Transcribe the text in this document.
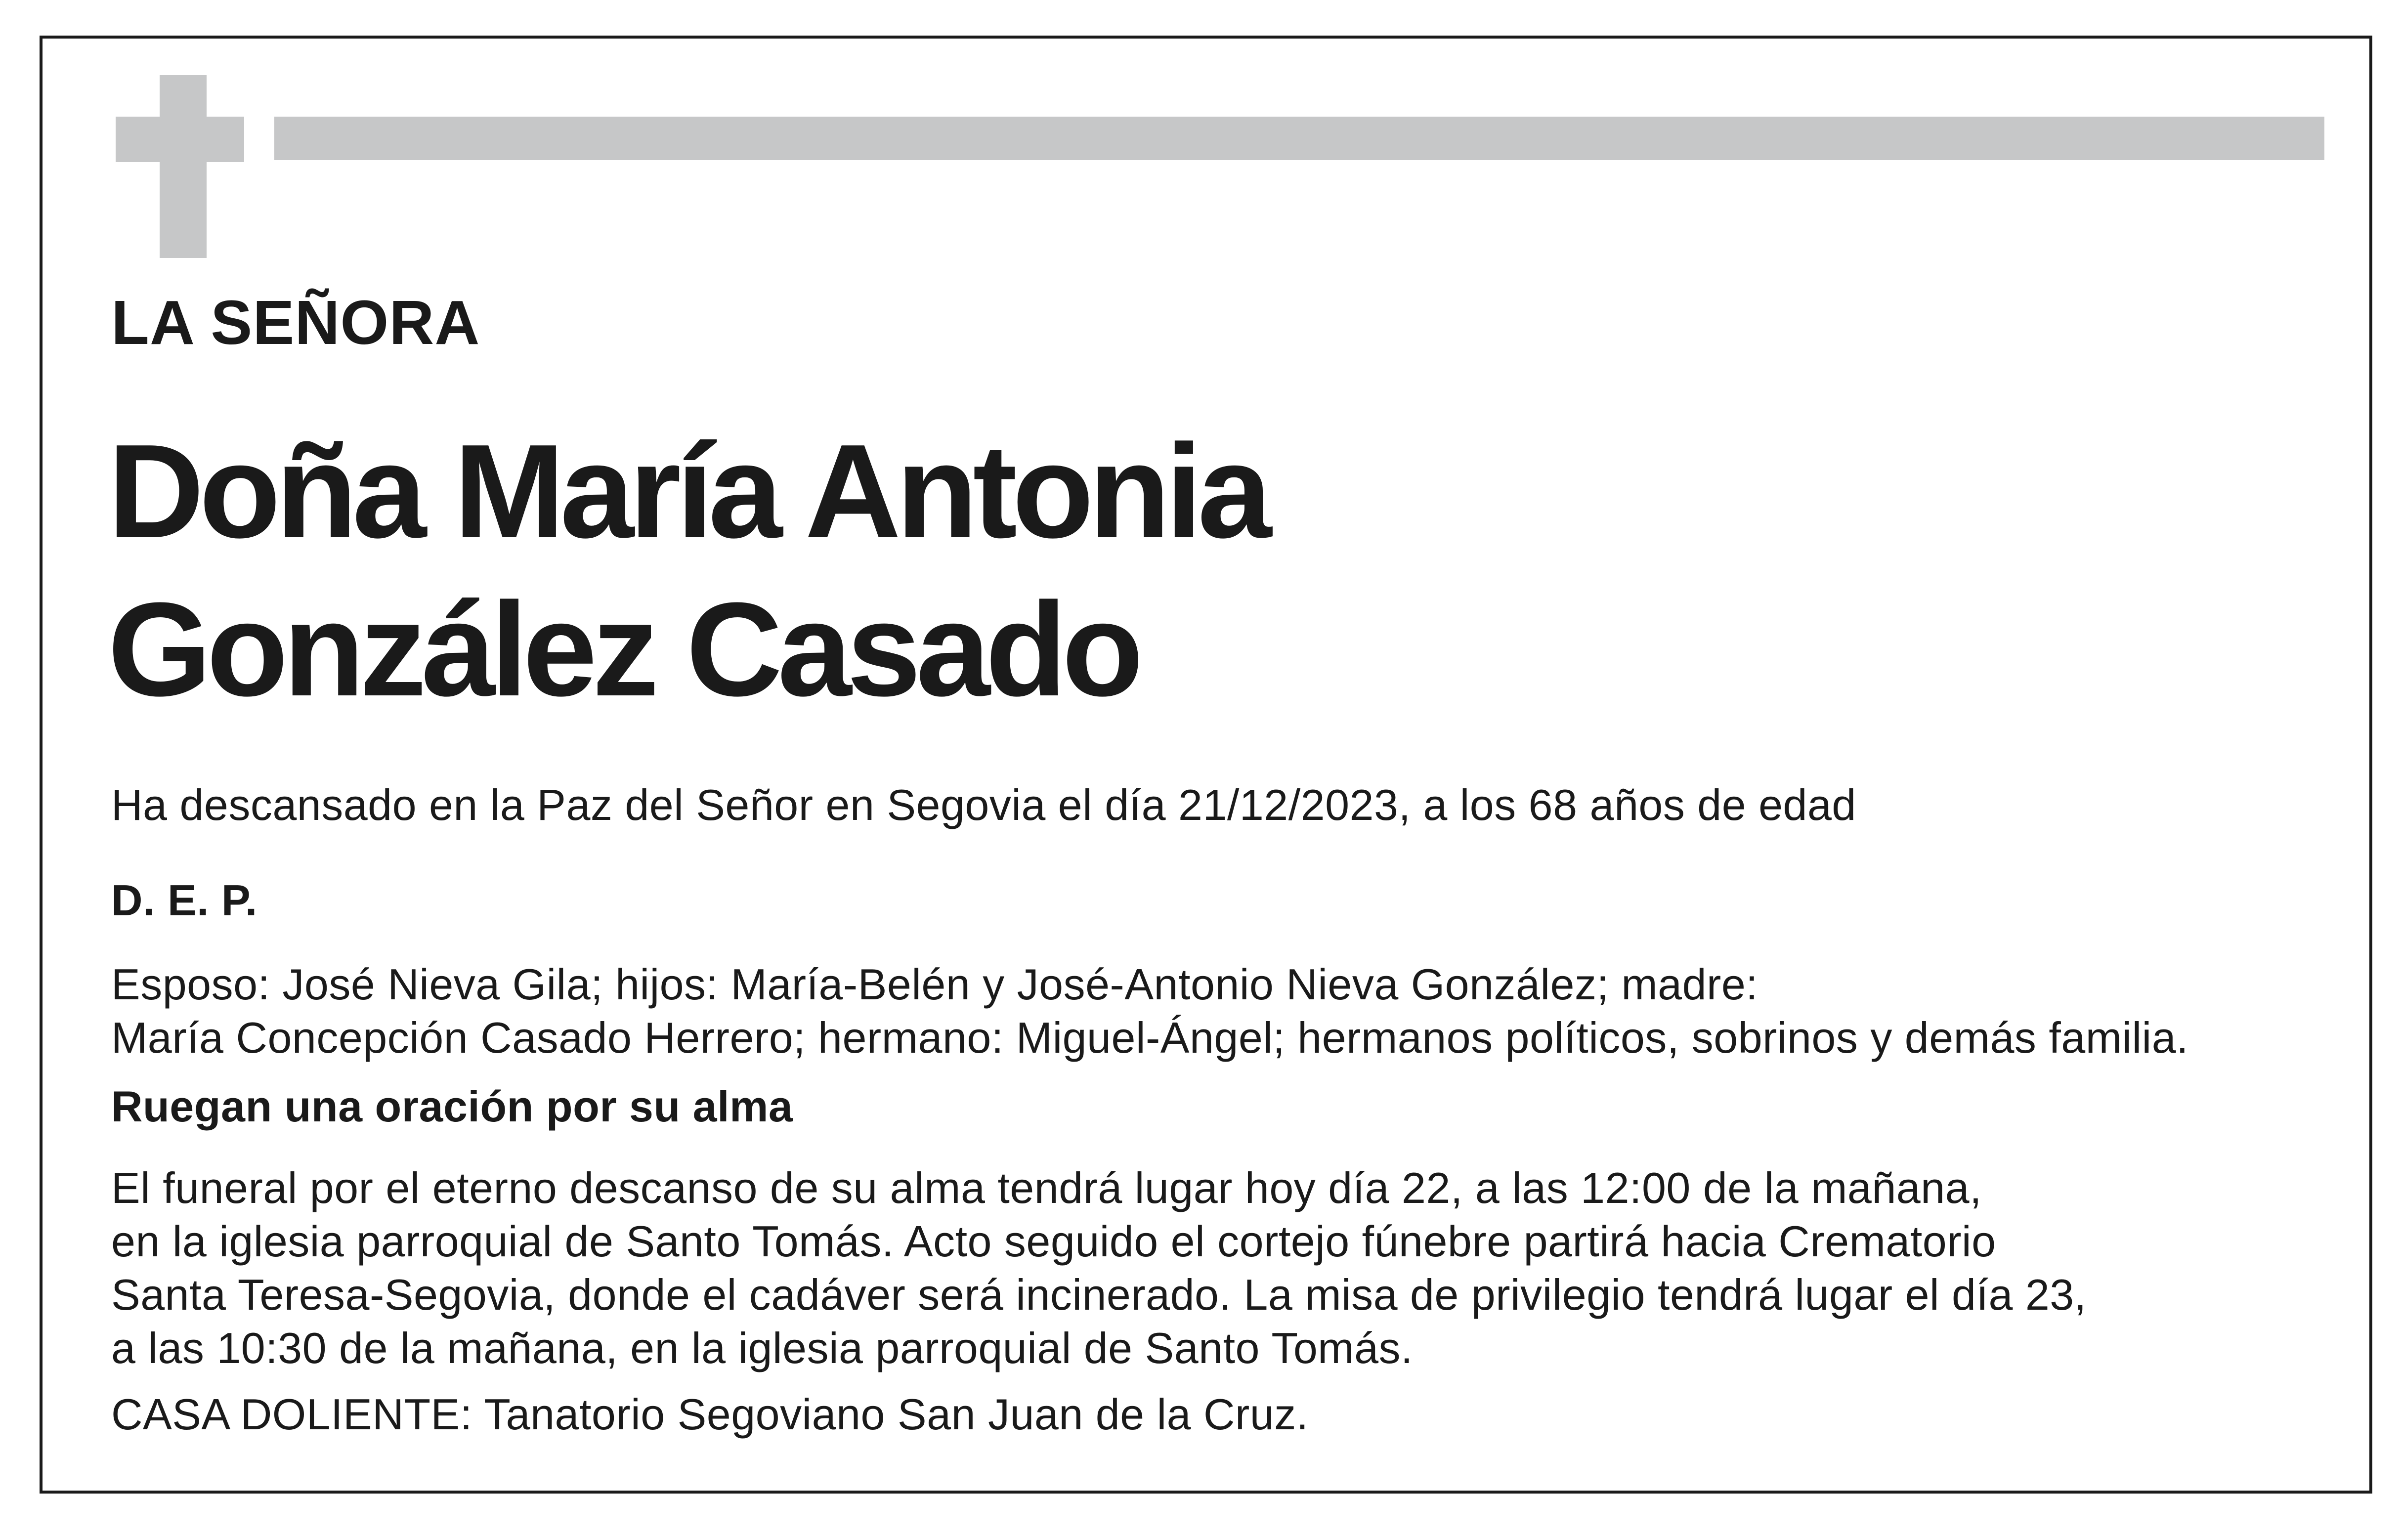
LA SEÑORA
Doña María Antonia
González Casado
Ha descansado en la Paz del Señor en Segovia el día 21/12/2023, a los 68 años de edad
D. E. P.
Esposo: José Nieva Gila; hijos: María-Belén y José-Antonio Nieva González; madre:
María Concepción Casado Herrero; hermano: Miguel-Ángel; hermanos políticos, sobrinos y demás familia.
Ruegan una oración por su alma
El funeral por el eterno descanso de su alma tendrá lugar hoy día 22, a las 12:00 de la mañana,
en la iglesia parroquial de Santo Tomás. Acto seguido el cortejo fúnebre partirá hacia Crematorio
Santa Teresa-Segovia, donde el cadáver será incinerado. La misa de privilegio tendrá lugar el día 23,
a las 10:30 de la mañana, en la iglesia parroquial de Santo Tomás.
CASA DOLIENTE: Tanatorio Segoviano San Juan de la Cruz.
